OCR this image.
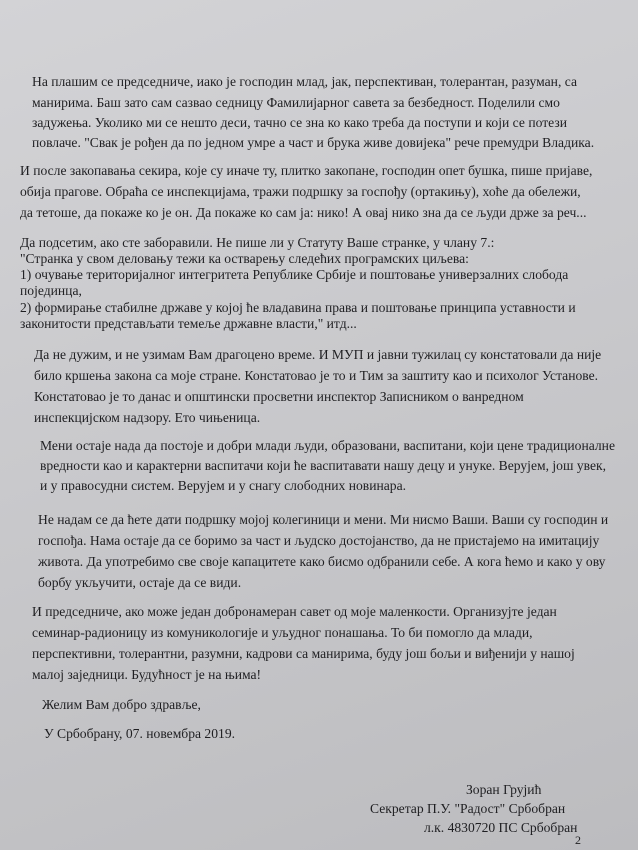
На плашим се председниче, иако је господин млад, јак, перспективан, толерантан, разуман, са
манирима. Баш зато сам сазвао седницу Фамилијарног савета за безбедност. Поделили смо
задужења. Уколико ми се нешто деси, тачно се зна ко како треба да поступи и који се потези
повлаче. "Свак је рођен да по једном умре а част и брука живе довијека" рече премудри Владика.
И после закопавања секира, које су иначе ту, плитко закопане, господин опет бушка, пише пријаве,
обија прагове. Обраћа се инспекцијама, тражи подршку за госпођу (ортакињу), хоће да обележи,
да тетоше, да покаже ко је он. Да покаже ко сам ја: нико! А овај нико зна да се људи држе за реч...
Да подсетим, ако сте заборавили. Не пише ли у Статуту Ваше странке, у члану 7.:
"Странка у свом деловању тежи ка остварењу следећих програмских циљева:
1) очување територијалног интегритета Републике Србије и поштовање универзалних слобода
појединца,
2) формирање стабилне државе у којој ће владавина права и поштовање принципа уставности и
законитости представљати темеље државне власти," итд...
Да не дужим, и не узимам Вам драгоцено време. И МУП и јавни тужилац су констатовали да није
било кршења закона са моје стране. Констатовао је то и Тим за заштиту као и психолог Установе.
Констатовао је то данас и општински просветни инспектор Записником о ванредном
инспекцијском надзору. Ето чињеница.
Мени остаје нада да постоје и добри млади људи, образовани, васпитани, који цене традиционалне
вредности као и карактерни васпитачи који ће васпитавати нашу децу и унуке. Верујем, још увек,
и у правосудни систем. Верујем и у снагу слободних новинара.
Не надам се да ћете дати подршку мојој колегиници и мени. Ми нисмо Ваши. Ваши су господин и
госпођа. Нама остаје да се боримо за част и људско достојанство, да не пристајемо на имитацију
живота. Да употребимо све своје капацитете како бисмо одбранили себе. А кога ћемо и како у ову
борбу укључити, остаје да се види.
И председниче, ако може један добронамеран савет од моје маленкости. Организујте један
семинар-радионицу из комуникологије и уљудног понашања. То би помогло да млади,
перспективни, толерантни, разумни, кадрови са манирима, буду још бољи и виђенији у нашој
малој заједници. Будућност је на њима!
Желим Вам добро здравље,
У Србобрану, 07. новембра 2019.
Зоран Грујић
Секретар П.У. "Радост" Србобран
л.к. 4830720 ПС Србобран
2
